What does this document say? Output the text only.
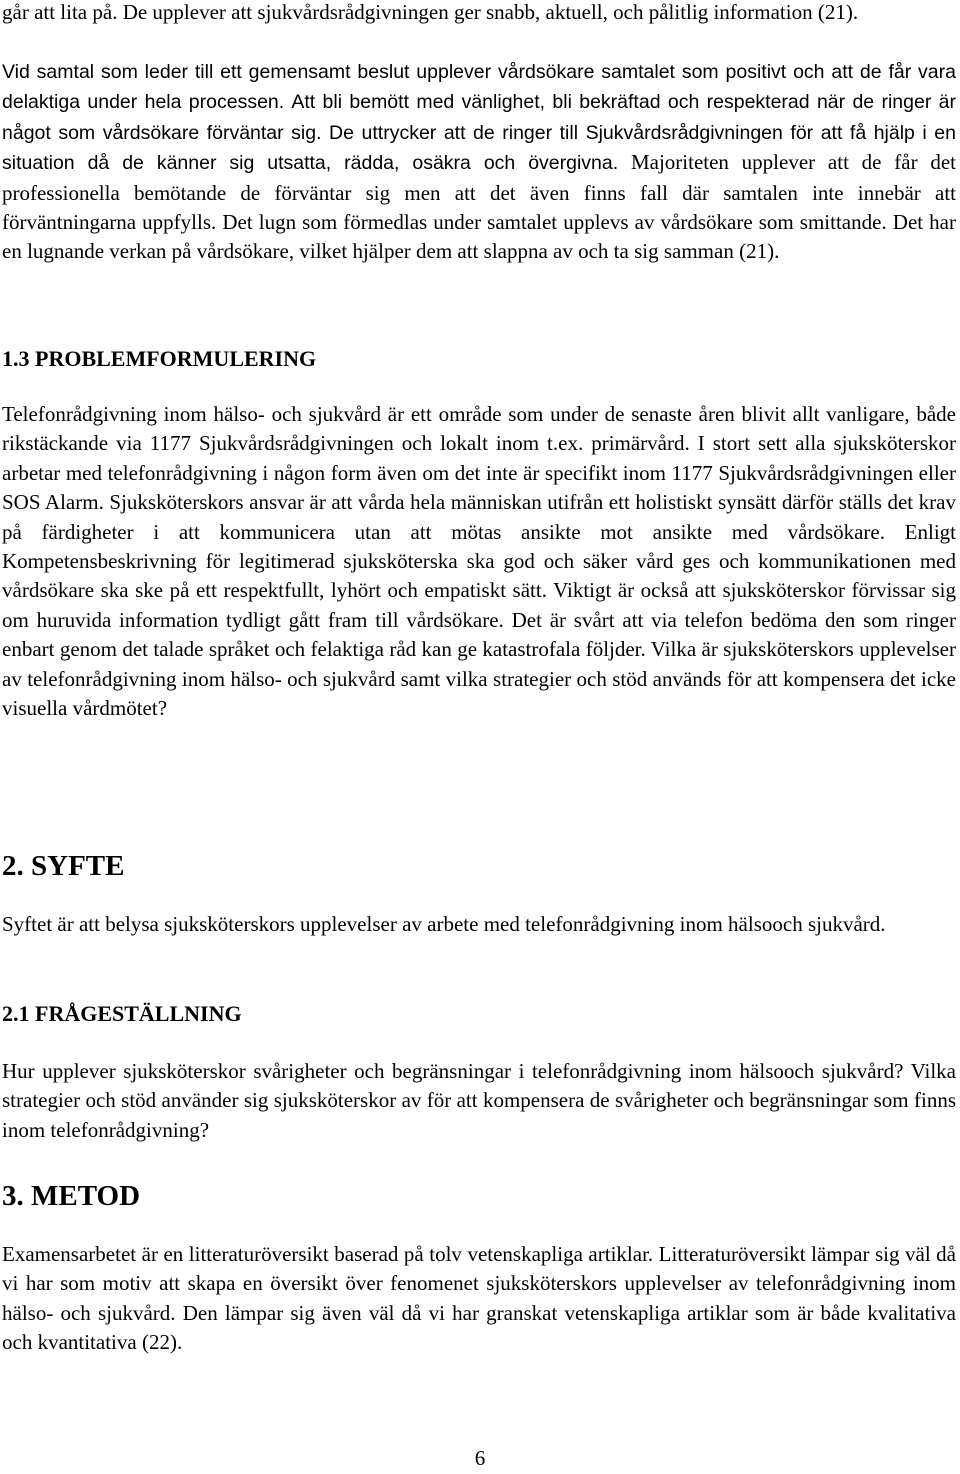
går att lita på. De upplever att sjukvårdsrådgivningen ger snabb, aktuell, och pålitlig information (21).

Vid samtal som leder till ett gemensamt beslut upplever vårdsökare samtalet som positivt och att de får vara delaktiga under hela processen. Att bli bemött med vänlighet, bli bekräftad och respekterad när de ringer är något som vårdsökare förväntar sig. De uttrycker att de ringer till Sjukvårdsrådgivningen för att få hjälp i en situation då de känner sig utsatta, rädda, osäkra och övergivna. Majoriteten upplever att de får det professionella bemötande de förväntar sig men att det även finns fall där samtalen inte innebär att förväntningarna uppfylls. Det lugn som förmedlas under samtalet upplevs av vårdsökare som smittande. Det har en lugnande verkan på vårdsökare, vilket hjälper dem att slappna av och ta sig samman (21).

1.3 PROBLEMFORMULERING

Telefonrådgivning inom hälso- och sjukvård är ett område som under de senaste åren blivit allt vanligare, både rikstäckande via 1177 Sjukvårdsrådgivningen och lokalt inom t.ex. primärvård. I stort sett alla sjuksköterskor arbetar med telefonrådgivning i någon form även om det inte är specifikt inom 1177 Sjukvårdsrådgivningen eller SOS Alarm. Sjuksköterskors ansvar är att vårda hela människan utifrån ett holistiskt synsätt därför ställs det krav på färdigheter i att kommunicera utan att mötas ansikte mot ansikte med vårdsökare. Enligt Kompetensbeskrivning för legitimerad sjuksköterska ska god och säker vård ges och kommunikationen med vårdsökare ska ske på ett respektfullt, lyhört och empatiskt sätt. Viktigt är också att sjuksköterskor förvissar sig om huruvida information tydligt gått fram till vårdsökare. Det är svårt att via telefon bedöma den som ringer enbart genom det talade språket och felaktiga råd kan ge katastrofala följder. Vilka är sjuksköterskors upplevelser av telefonrådgivning inom hälso- och sjukvård samt vilka strategier och stöd används för att kompensera det icke visuella vårdmötet?

2. SYFTE

Syftet är att belysa sjuksköterskors upplevelser av arbete med telefonrådgivning inom hälsooch sjukvård.

2.1 FRÅGESTÄLLNING

Hur upplever sjuksköterskor svårigheter och begränsningar i telefonrådgivning inom hälsooch sjukvård? Vilka strategier och stöd använder sig sjuksköterskor av för att kompensera de svårigheter och begränsningar som finns inom telefonrådgivning?

3. METOD

Examensarbetet är en litteraturöversikt baserad på tolv vetenskapliga artiklar. Litteraturöversikt lämpar sig väl då vi har som motiv att skapa en översikt över fenomenet sjuksköterskors upplevelser av telefonrådgivning inom hälso- och sjukvård. Den lämpar sig även väl då vi har granskat vetenskapliga artiklar som är både kvalitativa och kvantitativa (22).

6
